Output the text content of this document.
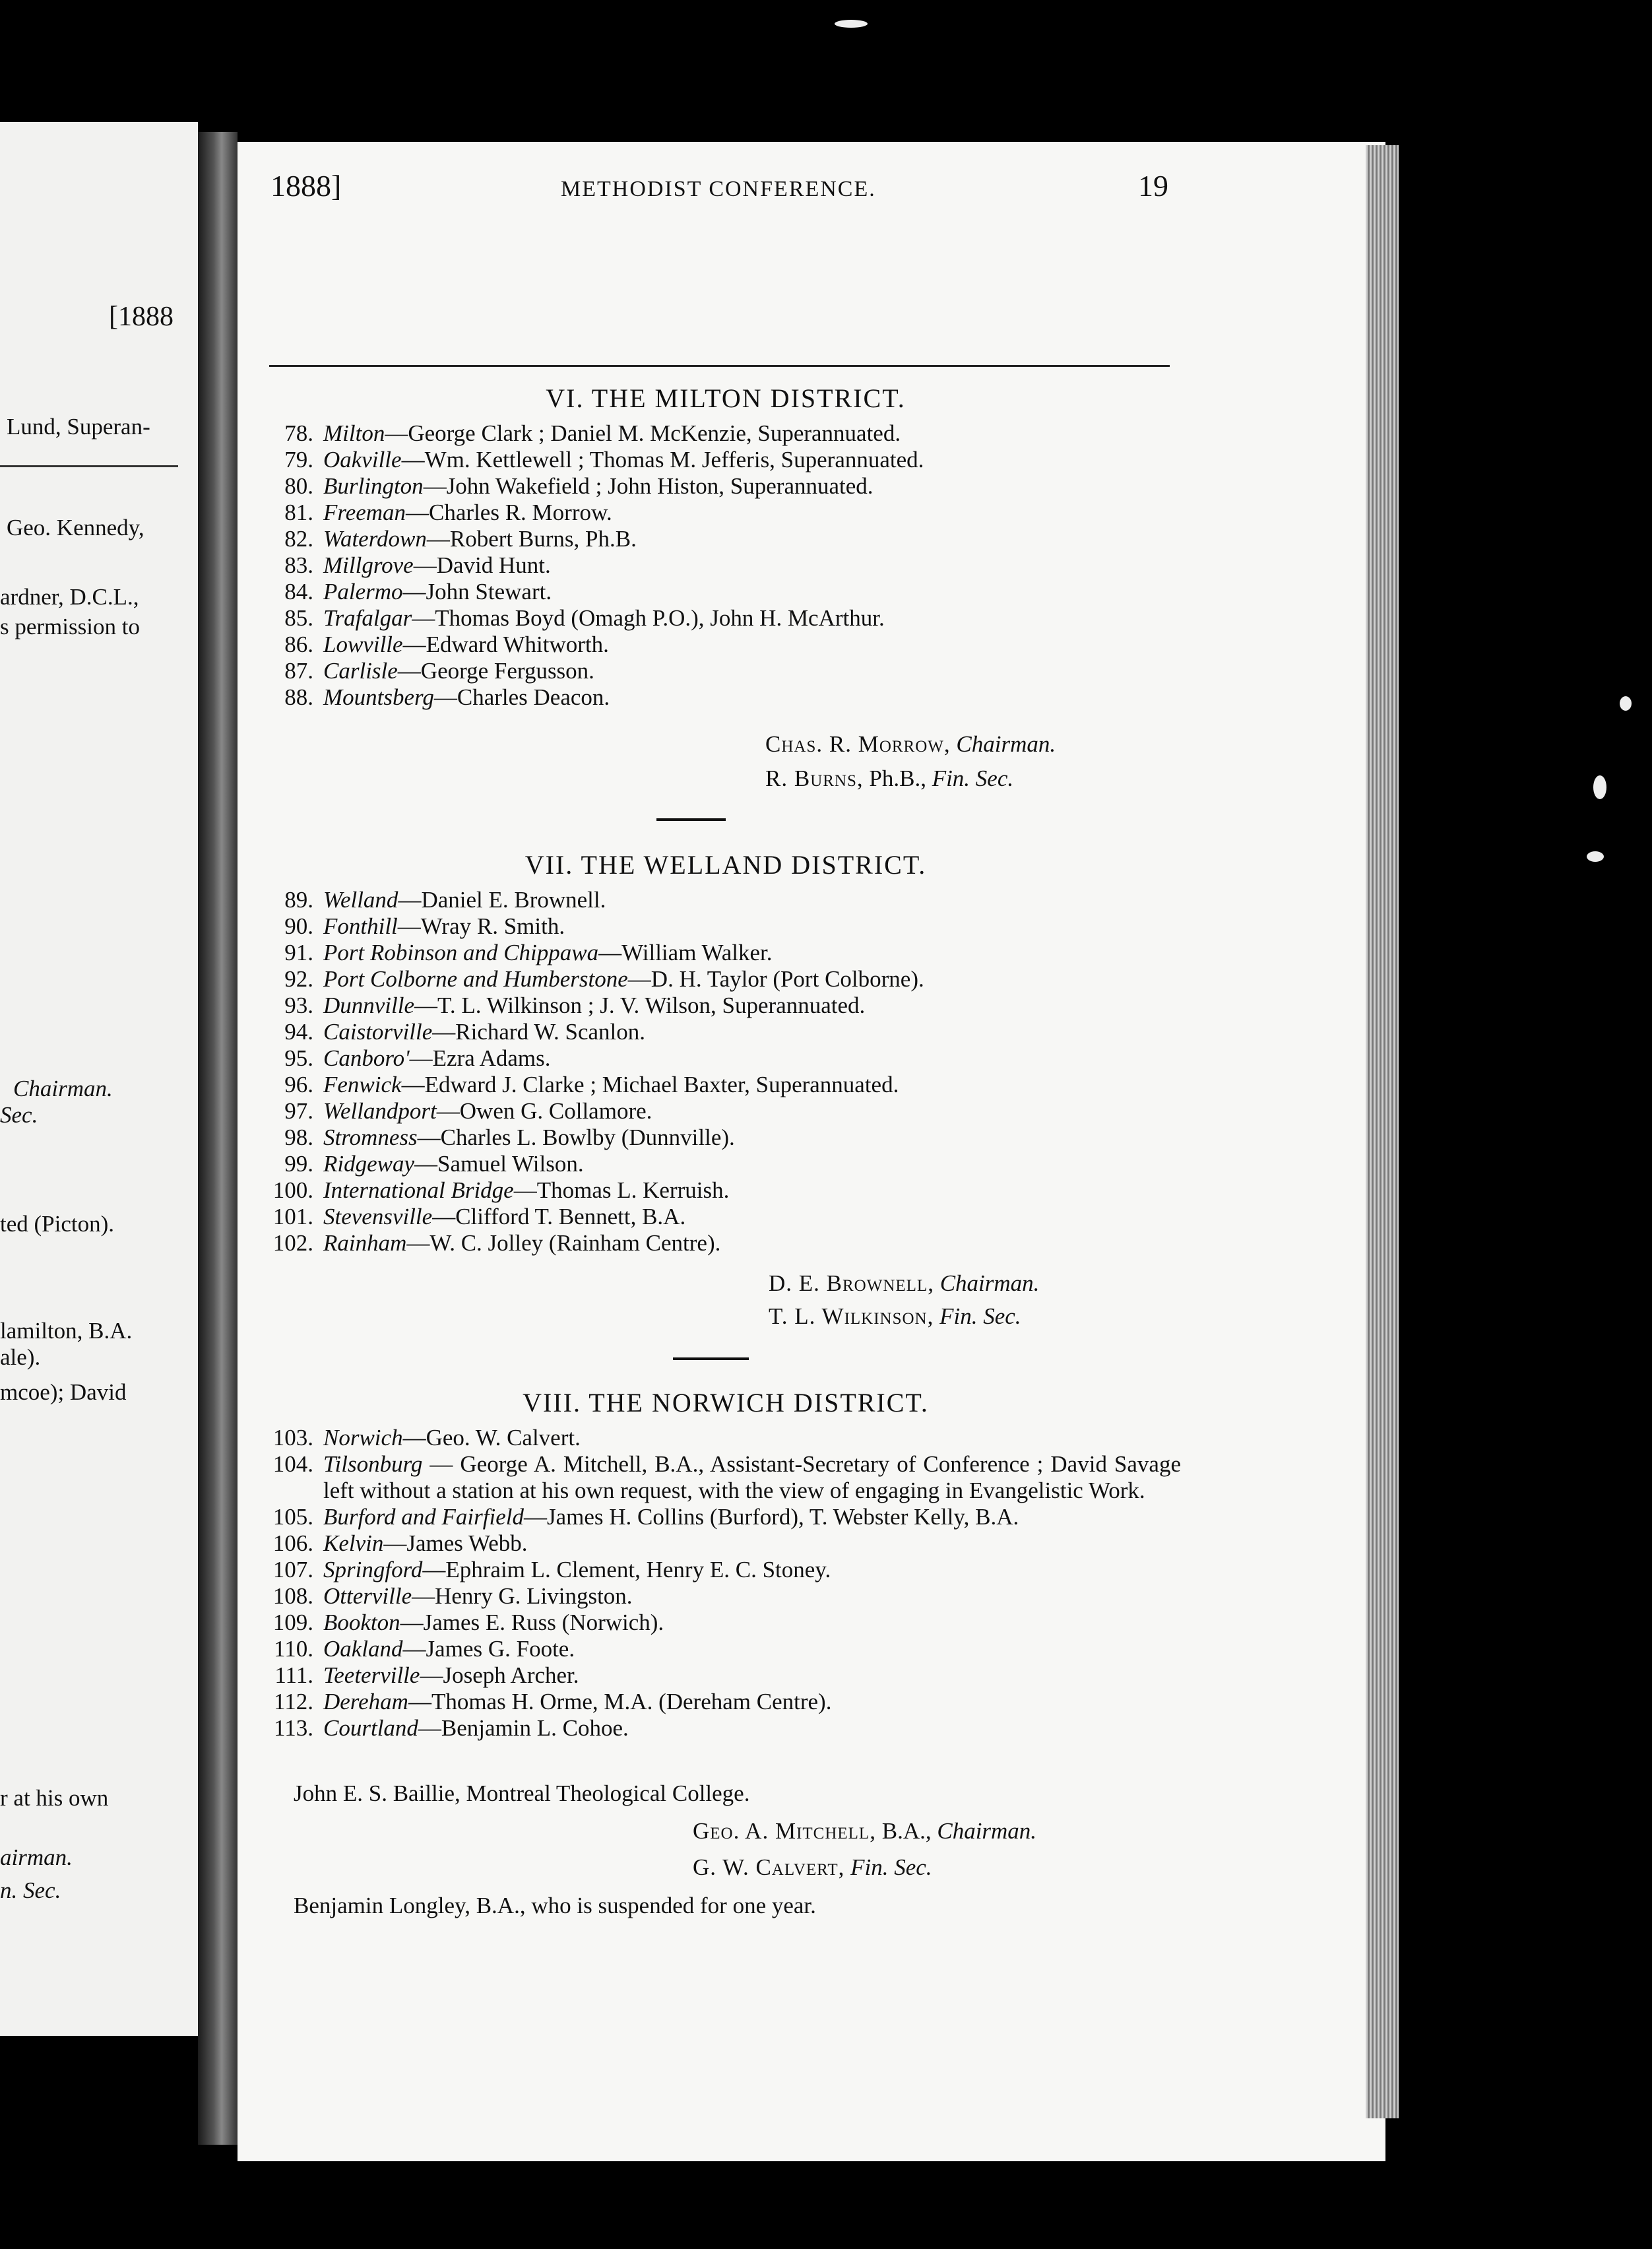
[1888
Lund, Superan-
Geo. Kennedy,
ardner, D.C.L.,
s permission to
Chairman.
Sec.
ted (Picton).
lamilton, B.A.
ale).
mcoe); David
r at his own
airman.
n. Sec.
1888]	METHODIST CONFERENCE.	19
VI. THE MILTON DISTRICT.
78. Milton—George Clark ; Daniel M. McKenzie, Superannuated.
79. Oakville—Wm. Kettlewell ; Thomas M. Jefferis, Superannuated.
80. Burlington—John Wakefield ; John Histon, Superannuated.
81. Freeman—Charles R. Morrow.
82. Waterdown—Robert Burns, Ph.B.
83. Millgrove—David Hunt.
84. Palermo—John Stewart.
85. Trafalgar—Thomas Boyd (Omagh P.O.), John H. McArthur.
86. Lowville—Edward Whitworth.
87. Carlisle—George Fergusson.
88. Mountsberg—Charles Deacon.
Chas. R. Morrow, Chairman.
R. Burns, Ph.B., Fin. Sec.
VII. THE WELLAND DISTRICT.
89. Welland—Daniel E. Brownell.
90. Fonthill—Wray R. Smith.
91. Port Robinson and Chippawa—William Walker.
92. Port Colborne and Humberstone—D. H. Taylor (Port Colborne).
93. Dunnville—T. L. Wilkinson ; J. V. Wilson, Superannuated.
94. Caistorville—Richard W. Scanlon.
95. Canboro'—Ezra Adams.
96. Fenwick—Edward J. Clarke ; Michael Baxter, Superannuated.
97. Wellandport—Owen G. Collamore.
98. Stromness—Charles L. Bowlby (Dunnville).
99. Ridgeway—Samuel Wilson.
100. International Bridge—Thomas L. Kerruish.
101. Stevensville—Clifford T. Bennett, B.A.
102. Rainham—W. C. Jolley (Rainham Centre).
D. E. Brownell, Chairman.
T. L. Wilkinson, Fin. Sec.
VIII. THE NORWICH DISTRICT.
103. Norwich—Geo. W. Calvert.
104. Tilsonburg — George A. Mitchell, B.A., Assistant-Secretary of Conference ; David Savage left without a station at his own request, with the view of engaging in Evangelistic Work.
105. Burford and Fairfield—James H. Collins (Burford), T. Webster Kelly, B.A.
106. Kelvin—James Webb.
107. Springford—Ephraim L. Clement, Henry E. C. Stoney.
108. Otterville—Henry G. Livingston.
109. Bookton—James E. Russ (Norwich).
110. Oakland—James G. Foote.
111. Teeterville—Joseph Archer.
112. Dereham—Thomas H. Orme, M.A. (Dereham Centre).
113. Courtland—Benjamin L. Cohoe.
John E. S. Baillie, Montreal Theological College.
Geo. A. Mitchell, B.A., Chairman.
G. W. Calvert, Fin. Sec.
Benjamin Longley, B.A., who is suspended for one year.
